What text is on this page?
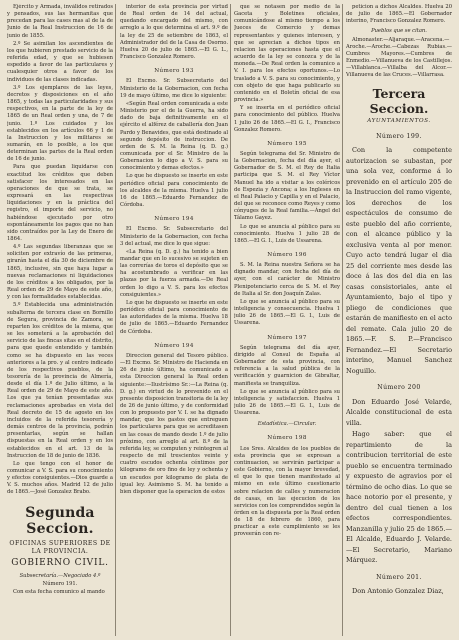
Ejército y Armada, inválidos retirados y pensados, sus las hermanitas que precedan para las cases mas al de la de Junio de la Real Instruccion de 16 de junio de 1855.

2.º Se asimilan los ascendientes de los que hubieren prestado servicio de la referida edad, y que se hubiesen espedido a favor de las particulares y cualesquier otros a favor de los individuos de las clases indicadas.

3.º Los ejemplares de las leyes, decretos y disposiciones en el año 1865, y todas las particularidades y sus respectivos, en la parte de la ley de 1865 de un Real orden y una, de 7 de junio. 1.º Los cuidados y los establecidos en los artículos 66 y 1 de la Instruccion y los militares se sumarán, en lo posible, a los que determinan las partes de la Real orden de 16 de junio.

Para que puedan liquidarse con exactitud los créditos que deben satisfacer los interesados en las operaciones de que se trata, se expresará en las respectivas liquidaciones y en la práctica del registro, el importe del servicio, no habiéndose ejecutado por otro espontáneamente los pagos que no han sido contraídos por la Ley de Enero de 1864.

4.º Las segundas liberanzas que se soliciten por extravío de las primeras, girarán hasta el día 30 de diciembre de 1865, inclusive, sin que haya lugar a nuevas reclamaciones ni liquidaciones de los créditos a los obligados, por la Real orden de 29 de Mayo de este año, y con las formalidades establecidas.

5.º Establecida una administración subalterna de tercera clase en Bornillo de Segura, provincia de Zamora, se reparten los créditos de la misma, que se les someterá a la aprobación del servicio de las fincas sitas en el distrito, para que quede entendido y también como se ha dispuesto en las veces anteriores a la pro. y al centro indicado de los respectivos pueblos, de la tesorería de la provincia de Almería, desde el día 1.º de Julio último, a la Real orden de 29 de Mayo de este año. Los que ya tenían presentadas sus reclamaciones aprobadas en vista del Real decreto de 15 de agosto en los incluidos de la referida tesorería y demás centros de la provincia, podrán presentarlas, según se hallan dispuestas en la Real orden y en los establecidos en el art. 13 de la Instruccion de 18 de junio de 1836.

Lo que tengo con el honor de comunicar a V. S. para su conocimiento y efectos consiguientes.—Dios guarde a V. S. muchos años. Madrid 12 de julio de 1865.—José Gonzalez Brabo.

Segunda Seccion.
OFICINAS SUPERIORES DE LA PROVINCIA.
GOBIERNO CIVIL.

Subsecretaría.—Negociado 4.º

Número 191.

Con esta fecha comunico al mando

interior de esta provincia por virtud de Real orden de 14 del actual, quedando encargado del mismo, con arreglo a lo que determina el art. 9.º de la ley de 25 de setiembre de 1863, el Administrador del de la Casa de Osorno. Huelva 20 de julio de 1865.—El G. L., Francisco Gonzalez Romero.

Número 193

El Excmo. Sr. Subsecretario del Ministerio de la Gobernacion, con fecha 19 de mayo último, me dice lo siguiente:

«Según Real orden comunicada a este Ministerio por el de la Guerra, ha sido dado de baja definitivamente en el ejército el alférez de caballería don Juan Pardo y Benavides, que está destinado al segundo depósito de instruccion. De orden de S. M. la Reina (q. D. g.) comunicada por el Sr. Ministro de la Gobernacion lo digo a V. S. para su conocimiento y demas efectos.»

Lo que he dispuesto se inserte en este periódico oficial para conocimiento de los alcaldes de la misma. Huelva 1 julio 16 de 1865.—Eduardo Fernandez de Córdoba.

Número 194

El Excmo. Sr. Subsecretario del Ministerio de la Gobernacion, con fecha 3 del actual, me dice lo que sigue:

«La Reina (q. D. g.) ha tenido a bien mandar que en lo sucesivo se sujeten en las correrías de toros el depósito que se ha acostumbrado a verificar en las plazas por la fuerza armada.—De Real orden lo digo a V. S. para los efectos consiguientes.»

Lo que he dispuesto se inserte en este periódico oficial para conocimiento de las autoridades de la misma. Huelva 18 de julio de 1865.—Eduardo Fernandez de Córdoba.

Número 194

Direccion general del Tesoro público.—El Excmo. Sr. Ministro de Hacienda en 26 de junio último, ha comunicado a esta Direccion general la Real orden siguiente:—Ilustrísimo Sr.:—La Reina (q. D. g.) en virtud de lo prevenido en el presente disposicion transitoria de la ley de 26 de junio último, y de conformidad con lo propuesto por V. I. se ha dignado mandar, que los gastos que entreguen los particulares para que se acreditasen en las cosas de mando desde 1.º de julio próximo, con arreglo al art. 8.º de la referida ley, se computen y reintegren al respecto de mil trescientos veinte y cuatro escudos ochenta céntimos por kilogramo de oro fino de ley y ochenta y un escudos por kilogramo de plata de igual ley. Asimismo S. M. ha tenido a bien disponer que la operacion de estos

que se notasen por medio de la Gaceta y Boletines oficiales, comunicándose al mismo tiempo a los Jueces de Comercio y demas representantes y quienes interesen, y que se aprecian a dichos tipos en relacion las operaciones hasta que el acuerdo de la ley se conozca y de la moneda.—De Real orden la comunico a V. I. para los efectos oportunos.—Lo traslado a V. S. para su conocimiento, y con objeto de que haga publicarlo su contenido en el Boletín oficial de esa provincia.»

Y se inserta en el periódico oficial para conocimiento del público. Huelva 1 julio 26 de 1865.—El G. I., Francisco Gonzalez Romero.

Número 195

Según telegrama del Sr. Ministro de la Gobernacion, fecha del día ayer, el Gobernador de S. M. el Rey de Italia participa que S. M. el Rey Víctor Manuel ha ido a visitar a los coléricos de Espezia y Ancona; a los Ingleses en el Real Palacio y Capilla y en el Palacio, del que se reconoce como Reyes y como cónyuges de la Real familia.—Ángel del Tálamo Gayez.

Lo que se anuncia al público para su conocimiento. Huelva 1 julio 28 de 1865.—El G. I., Luis de Ussarena.

Número 196

S. M. la Reina nuestra Señora se ha dignado mandar, con fecha del día de ayer, con el carácter de Ministro Plenipotenciario cerca de S. M. el Rey de Italia al Sr. don Joaquín Zalas.

Lo que se anuncia al público para su inteligencia y consecuencia. Huelva 1 julio 26 de 1865.—El G. I., Luis de Ussarena.

Número 197

Según telegrama del día ayer, dirigido al Consul de España al Gobernador de esta provincia, con referencia a la salud pública de la verificación y guarnicion de Gibraltar, manifiesta se tranquiliza.

Lo que se anuncia al público para su inteligencia y satisfaccion. Huelva 1 julio 26 de 1865.—El G. I., Luis de Ussarena.

Estadística.—Circular.

Número 198

Los Sres. Alcaldes de los pueblos de esta provincia que se expresan a continuacion, se servirán participar a este Gobierno, con la mayor brevedad, el que lo que tienen manifestado al mismo en este último cuestionario sobre relacion de calles y numeracion de casas, en las ejecucion de los servicios con los comprendidos según la órden en la dispuesta por la Real orden de 18 de febrero de 1860, para practicar a este cumplimiento se les proveerán con re-

peticion a dichos Alcaldes. Huelva 20 de julio de 1865.—El Gobernador interino, Francisco Gonzalez Romero.

Pueblos que se citan.

Almonaster.—Aljaraque.—Aracena.—Aroche.—Aroche.—Cabezas Rubias.—Cumbres Mayores.—Cumbres de Enmedio.—Villanueva de los Castillejos.—Villablanca.—Villalba del Alcor.—Villanueva de las Cruces.—Villarrasa.

Tercera Seccion.
AYUNTAMIENTOS.
Número 199.

Con la competente autorizacion se subastan, por una sola vez, conforme á lo prevenido en el artículo 205 de la Instruccion del ramo vigente, los derechos de los espectáculos de consumo de este pueblo del año corriente, con el alcance público y la exclusiva venta al por menor. Cuyo acto tendrá lugar el dia 25 del corriente mes desde las doce á las dos del dia en las casas consistoriales, ante el Ayuntamiento, bajo el tipo y pliego de condiciones que estarán de manifiesto en el acto del remate. Cala julio 20 de 1865.—F. S. P.—Francisco Fernandez.—El Secretario interino, Manuel Sanchez Noguillo.

Número 200

Don Eduardo José Velarde, Alcalde constitucional de esta villa.

Hago saber: que el repartimiento de la contribucion territorial de este pueblo se encuentra terminado y expuesto de agravios por el término de ocho dias. Lo que se hace notorio por el presente, y dentro del cual tienen a los efectos correspondientes. Manzanilla y julio 25 de 1865.—El Alcalde, Eduardo J. Velarde.—El Secretario, Mariano Márquez.

Número 201.

Don Antonio Gonzalez Diaz,
